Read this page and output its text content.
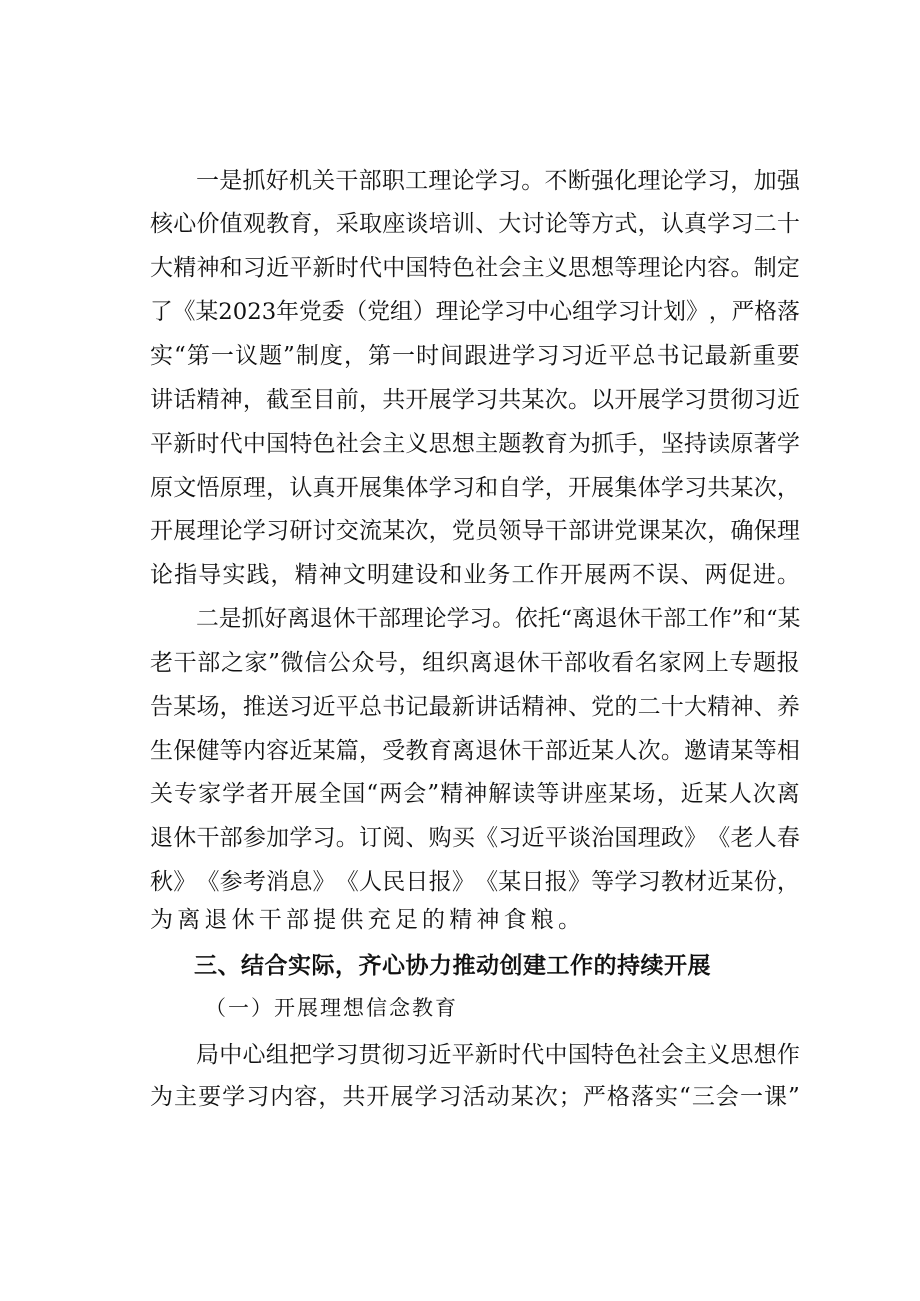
一 是 抓 好 机 关 干 部 职 工 理 论 学 习 。 不 断 强 化 理 论 学 习 ， 加 强
核 心 价 值 观 教 育 ， 采 取 座 谈 培 训 、 大 讨 论 等 方 式 ， 认 真 学 习 二 十
大 精 神 和 习 近 平 新 时 代 中 国 特 色 社 会 主 义 思 想 等 理 论 内 容 。 制 定
了 《 某 2023 年 党 委 （ 党 组 ） 理 论 学 习 中 心 组 学 习 计 划 》 ， 严 格 落
实 “ 第 一 议 题 ” 制 度 ， 第 一 时 间 跟 进 学 习 习 近 平 总 书 记 最 新 重 要
讲 话 精 神 ， 截 至 目 前 ， 共 开 展 学 习 共 某 次 。 以 开 展 学 习 贯 彻 习 近
平 新 时 代 中 国 特 色 社 会 主 义 思 想 主 题 教 育 为 抓 手 ， 坚 持 读 原 著 学
原 文 悟 原 理 ， 认 真 开 展 集 体 学 习 和 自 学 ， 开 展 集 体 学 习 共 某 次 ，
开 展 理 论 学 习 研 讨 交 流 某 次 ， 党 员 领 导 干 部 讲 党 课 某 次 ， 确 保 理
论 指 导 实 践 ， 精 神 文 明 建 设 和 业 务 工 作 开 展 两 不 误 、 两 促 进 。
二 是 抓 好 离 退 休 干 部 理 论 学 习 。 依 托 “ 离 退 休 干 部 工 作 ” 和 “ 某
老 干 部 之 家 ” 微 信 公 众 号 ， 组 织 离 退 休 干 部 收 看 名 家 网 上 专 题 报
告 某 场 ， 推 送 习 近 平 总 书 记 最 新 讲 话 精 神 、 党 的 二 十 大 精 神 、 养
生 保 健 等 内 容 近 某 篇 ， 受 教 育 离 退 休 干 部 近 某 人 次 。 邀 请 某 等 相
关 专 家 学 者 开 展 全 国 “ 两 会 ” 精 神 解 读 等 讲 座 某 场 ， 近 某 人 次 离
退 休 干 部 参 加 学 习 。 订 阅 、 购 买 《 习 近 平 谈 治 国 理 政 》 《 老 人 春
秋 》 《 参 考 消 息 》 《 人 民 日 报 》 《 某 日 报 》 等 学 习 教 材 近 某 份 ，
为离退休干部提供充足的精神食粮。
三、结合实际，齐心协力推动创建工作的持续开展
（一）开展理想信念教育
局 中 心 组 把 学 习 贯 彻 习 近 平 新 时 代 中 国 特 色 社 会 主 义 思 想 作
为 主 要 学 习 内 容 ， 共 开 展 学 习 活 动 某 次 ； 严 格 落 实 “ 三 会 一 课 ”
